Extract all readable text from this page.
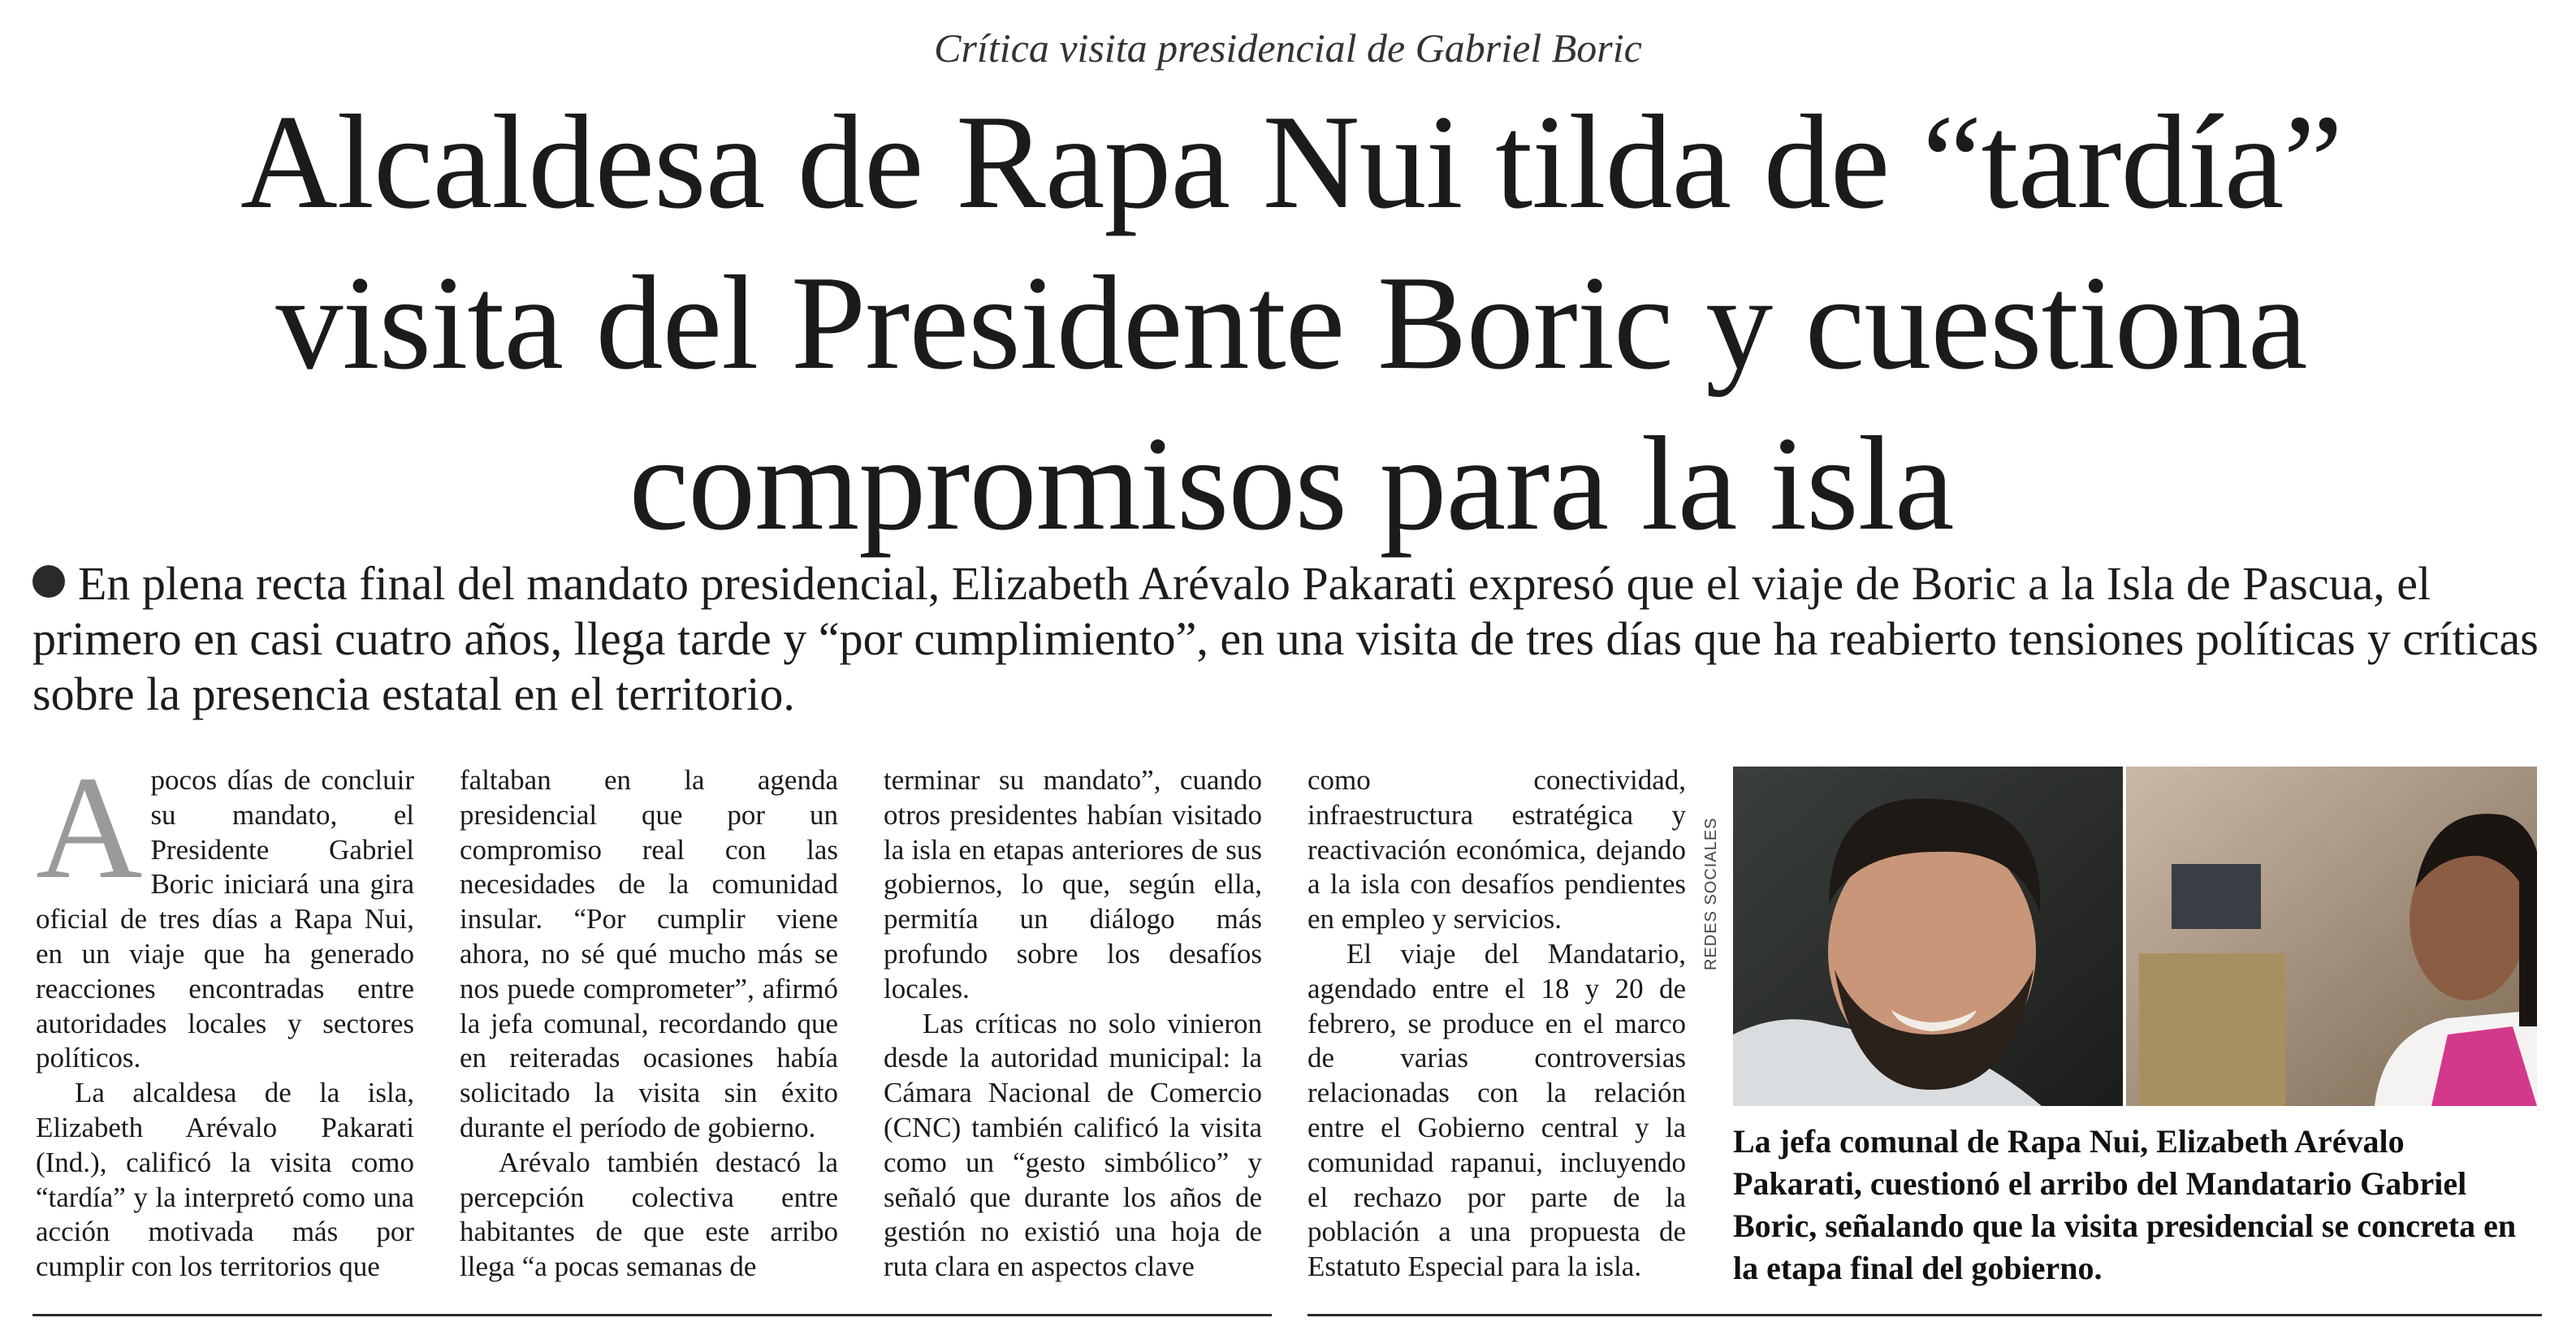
Crítica visita presidencial de Gabriel Boric
Alcaldesa de Rapa Nui tilda de “tardía”
visita del Presidente Boric y cuestiona
compromisos para la isla

En plena recta final del mandato presidencial, Elizabeth Arévalo Pakarati expresó que el viaje de Boric a la Isla de Pascua, el primero en casi cuatro años, llega tarde y “por cumplimiento”, en una visita de tres días que ha reabierto tensiones políticas y críticas sobre la presencia estatal en el territorio.

Apocos días de concluir su mandato, el Presidente Gabriel Boric iniciará una gira oficial de tres días a Rapa Nui, en un viaje que ha generado reacciones encontradas entre autoridades locales y sectores políticos.

La alcaldesa de la isla, Elizabeth Arévalo Pakarati (Ind.), calificó la visita como “tardía” y la interpretó como una acción motivada más por cumplir con los territorios que

faltaban en la agenda presidencial que por un compromiso real con las necesidades de la comunidad insular. “Por cumplir viene ahora, no sé qué mucho más se nos puede comprometer”, afirmó la jefa comunal, recordando que en reiteradas ocasiones había solicitado la visita sin éxito durante el período de gobierno.

Arévalo también destacó la percepción colectiva entre habitantes de que este arribo llega “a pocas semanas de

terminar su mandato”, cuando otros presidentes habían visitado la isla en etapas anteriores de sus gobiernos, lo que, según ella, permitía un diálogo más profundo sobre los desafíos locales.

Las críticas no solo vinieron desde la autoridad municipal: la Cámara Nacional de Comercio (CNC) también calificó la visita como un “gesto simbólico” y señaló que durante los años de gestión no existió una hoja de ruta clara en aspectos clave

como conectividad, infraestructura estratégica y reactivación económica, dejando a la isla con desafíos pendientes en empleo y servicios.

El viaje del Mandatario, agendado entre el 18 y 20 de febrero, se produce en el marco de varias controversias relacionadas con la relación entre el Gobierno central y la comunidad rapanui, incluyendo el rechazo por parte de la población a una propuesta de Estatuto Especial para la isla.

REDES SOCIALES

La jefa comunal de Rapa Nui, Elizabeth Arévalo Pakarati, cuestionó el arribo del Mandatario Gabriel Boric, señalando que la visita presidencial se concreta en la etapa final del gobierno.
